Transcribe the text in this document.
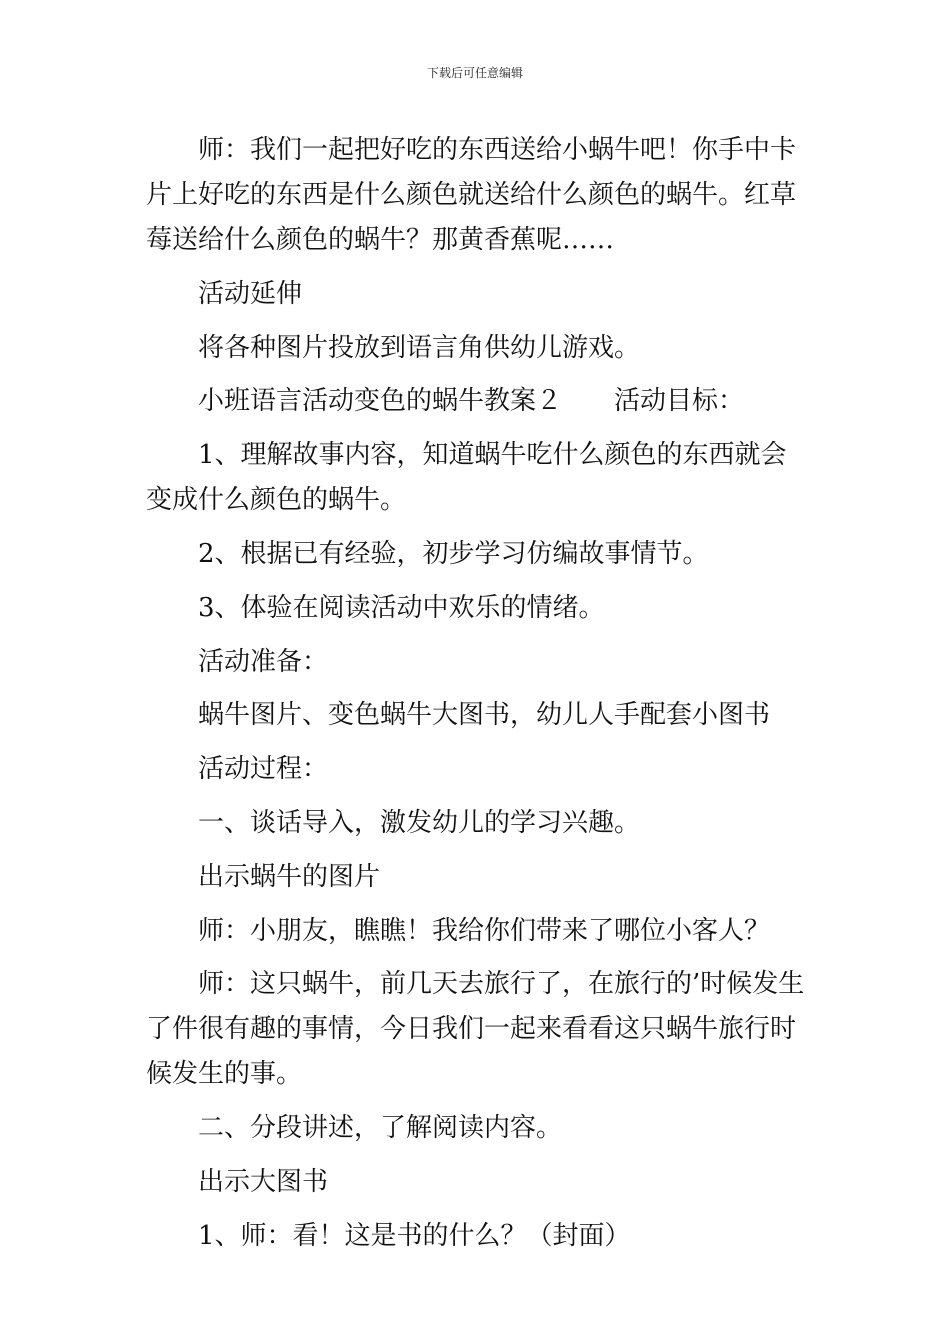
下载后可任意编辑

师：我们一起把好吃的东西送给小蜗牛吧！你手中卡片上好吃的东西是什么颜色就送给什么颜色的蜗牛。红草莓送给什么颜色的蜗牛？那黄香蕉呢……

活动延伸

将各种图片投放到语言角供幼儿游戏。

小班语言活动变色的蜗牛教案２　　活动目标：

1、理解故事内容，知道蜗牛吃什么颜色的东西就会变成什么颜色的蜗牛。

2、根据已有经验，初步学习仿编故事情节。

3、体验在阅读活动中欢乐的情绪。

活动准备：

蜗牛图片、变色蜗牛大图书，幼儿人手配套小图书

活动过程：

一、谈话导入，激发幼儿的学习兴趣。

出示蜗牛的图片

师：小朋友，瞧瞧！我给你们带来了哪位小客人？

师：这只蜗牛，前几天去旅行了，在旅行的’时候发生了件很有趣的事情，今日我们一起来看看这只蜗牛旅行时候发生的事。

二、分段讲述，了解阅读内容。

出示大图书

1、师：看！这是书的什么？（封面）
